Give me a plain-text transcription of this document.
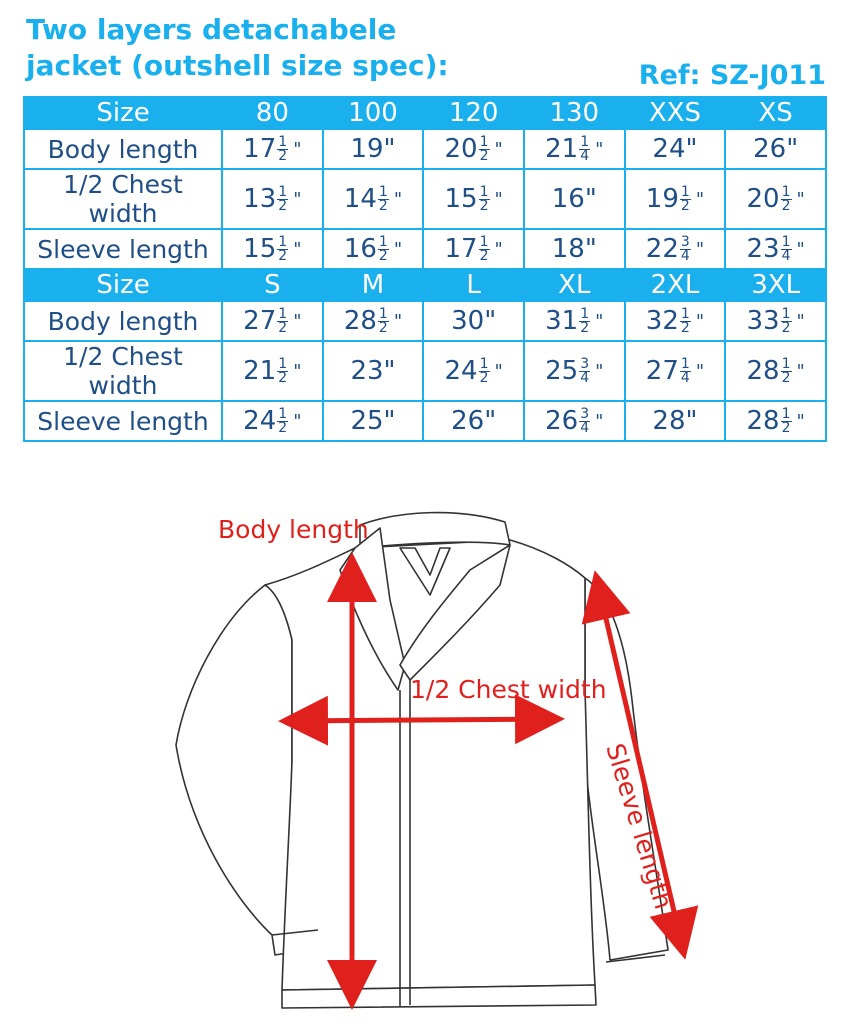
Two layers detachabele
jacket (outshell size spec):	Ref: SZ-J011
Size	80	100	120	130	XXS	XS
Body length	$17 \frac{1}{2}$ "	19"	$20 \frac{1}{2}$ "	$21 \frac{1}{4}$ "	24"	26"
1/2 Chest width	$13 \frac{1}{2}$ "	$14 \frac{1}{2}$ "	$15 \frac{1}{2}$ "	16"	$19 \frac{1}{2}$ "	$20 \frac{1}{2}$ "
Sleeve length	$15 \frac{1}{2}$ "	$16 \frac{1}{2}$ "	$17 \frac{1}{2}$ "	18"	$22 \frac{3}{4}$ "	$23 \frac{1}{4}$ "
Size	S	M	L	XL	2XL	3XL
Body length	$27 \frac{1}{2}$ "	$28 \frac{1}{2}$ "	30"	$31 \frac{1}{2}$ "	$32 \frac{1}{2}$ "	$33 \frac{1}{2}$ "
1/2 Chest width	$21 \frac{1}{2}$ "	23"	$24 \frac{1}{2}$ "	$25 \frac{3}{4}$ "	$27 \frac{1}{4}$ "	$28 \frac{1}{2}$ "
Sleeve length	$24 \frac{1}{2}$ "	25"	26"	$26 \frac{3}{4}$ "	28"	$28 \frac{1}{2}$ "
Body length
1/2 Chest width
Sleeve length
